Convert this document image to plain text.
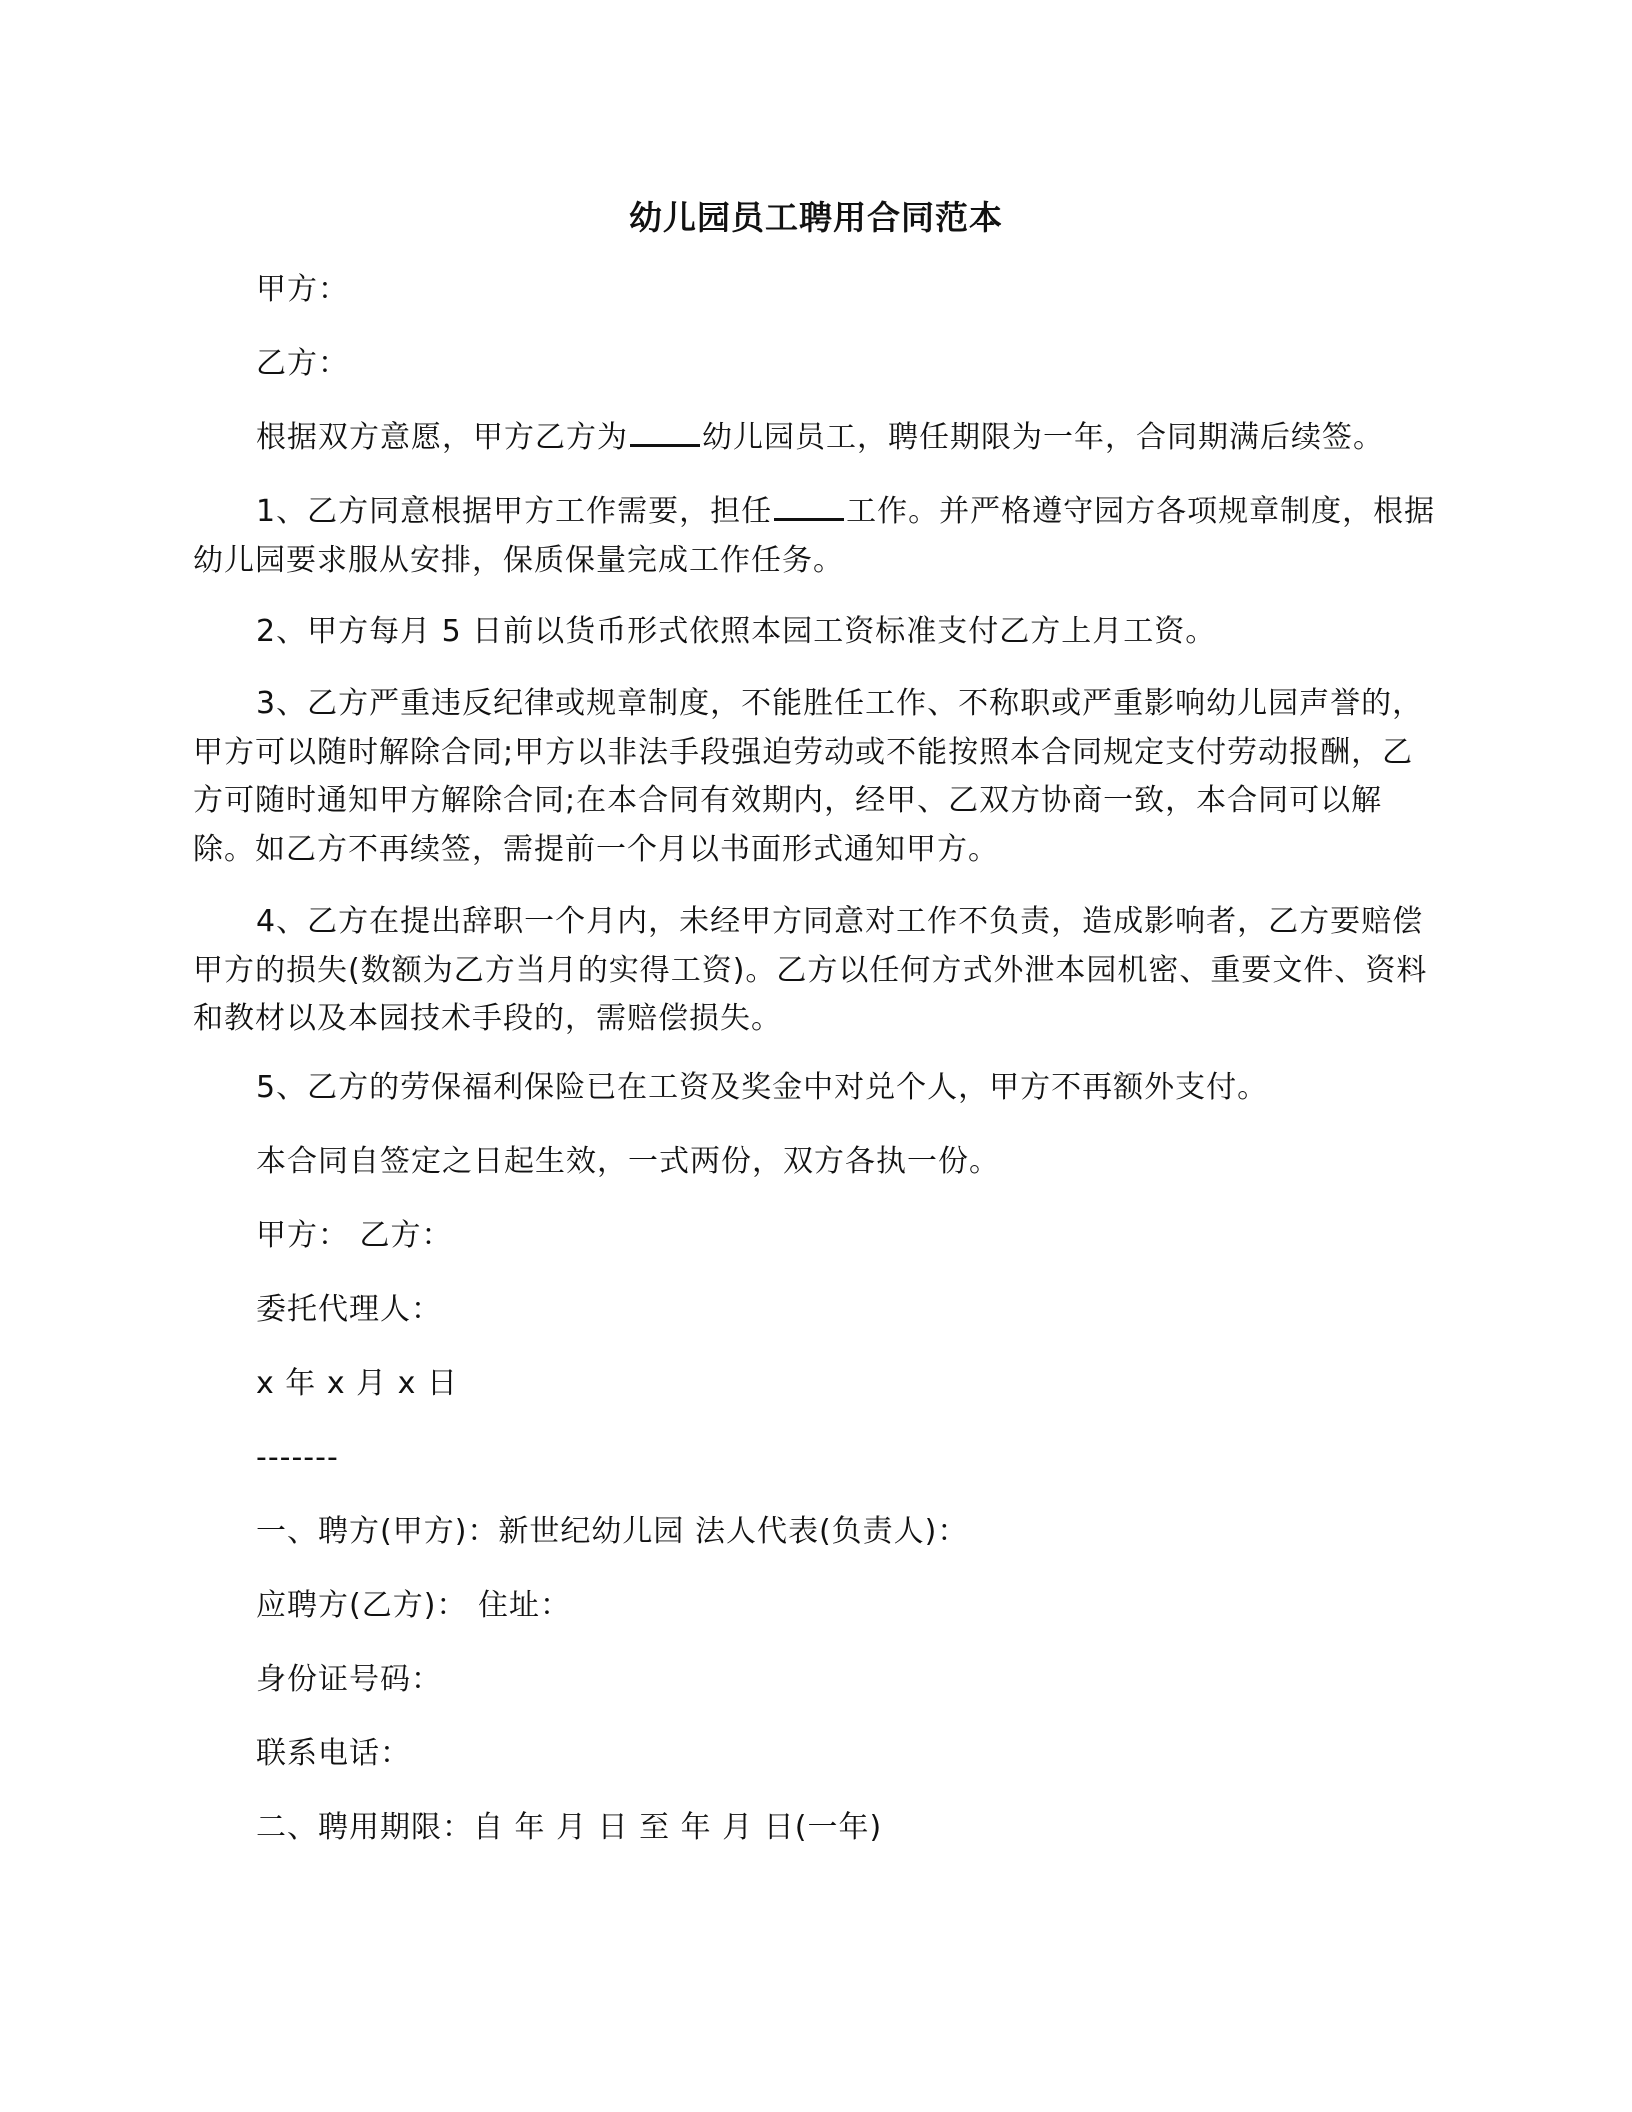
幼儿园员工聘用合同范本
甲方：
乙方：
根据双方意愿，甲方乙方为 幼儿园员工，聘任期限为一年，合同期满后续签。
1、乙方同意根据甲方工作需要，担任 工作。并严格遵守园方各项规章制度，根据幼儿园要求服从安排，保质保量完成工作任务。
2、甲方每月 5 日前以货币形式依照本园工资标准支付乙方上月工资。
3、乙方严重违反纪律或规章制度，不能胜任工作、不称职或严重影响幼儿园声誉的，甲方可以随时解除合同;甲方以非法手段强迫劳动或不能按照本合同规定支付劳动报酬，乙方可随时通知甲方解除合同;在本合同有效期内，经甲、乙双方协商一致，本合同可以解除。如乙方不再续签，需提前一个月以书面形式通知甲方。
4、乙方在提出辞职一个月内，未经甲方同意对工作不负责，造成影响者，乙方要赔偿甲方的损失(数额为乙方当月的实得工资)。乙方以任何方式外泄本园机密、重要文件、资料和教材以及本园技术手段的，需赔偿损失。
5、乙方的劳保福利保险已在工资及奖金中对兑个人，甲方不再额外支付。
本合同自签定之日起生效，一式两份，双方各执一份。
甲方： 乙方：
委托代理人：
x 年 x 月 x 日
-------
一、聘方(甲方)：新世纪幼儿园 法人代表(负责人)：
应聘方(乙方)： 住址：
身份证号码：
联系电话：
二、聘用期限：自 年 月 日 至 年 月 日(一年)
